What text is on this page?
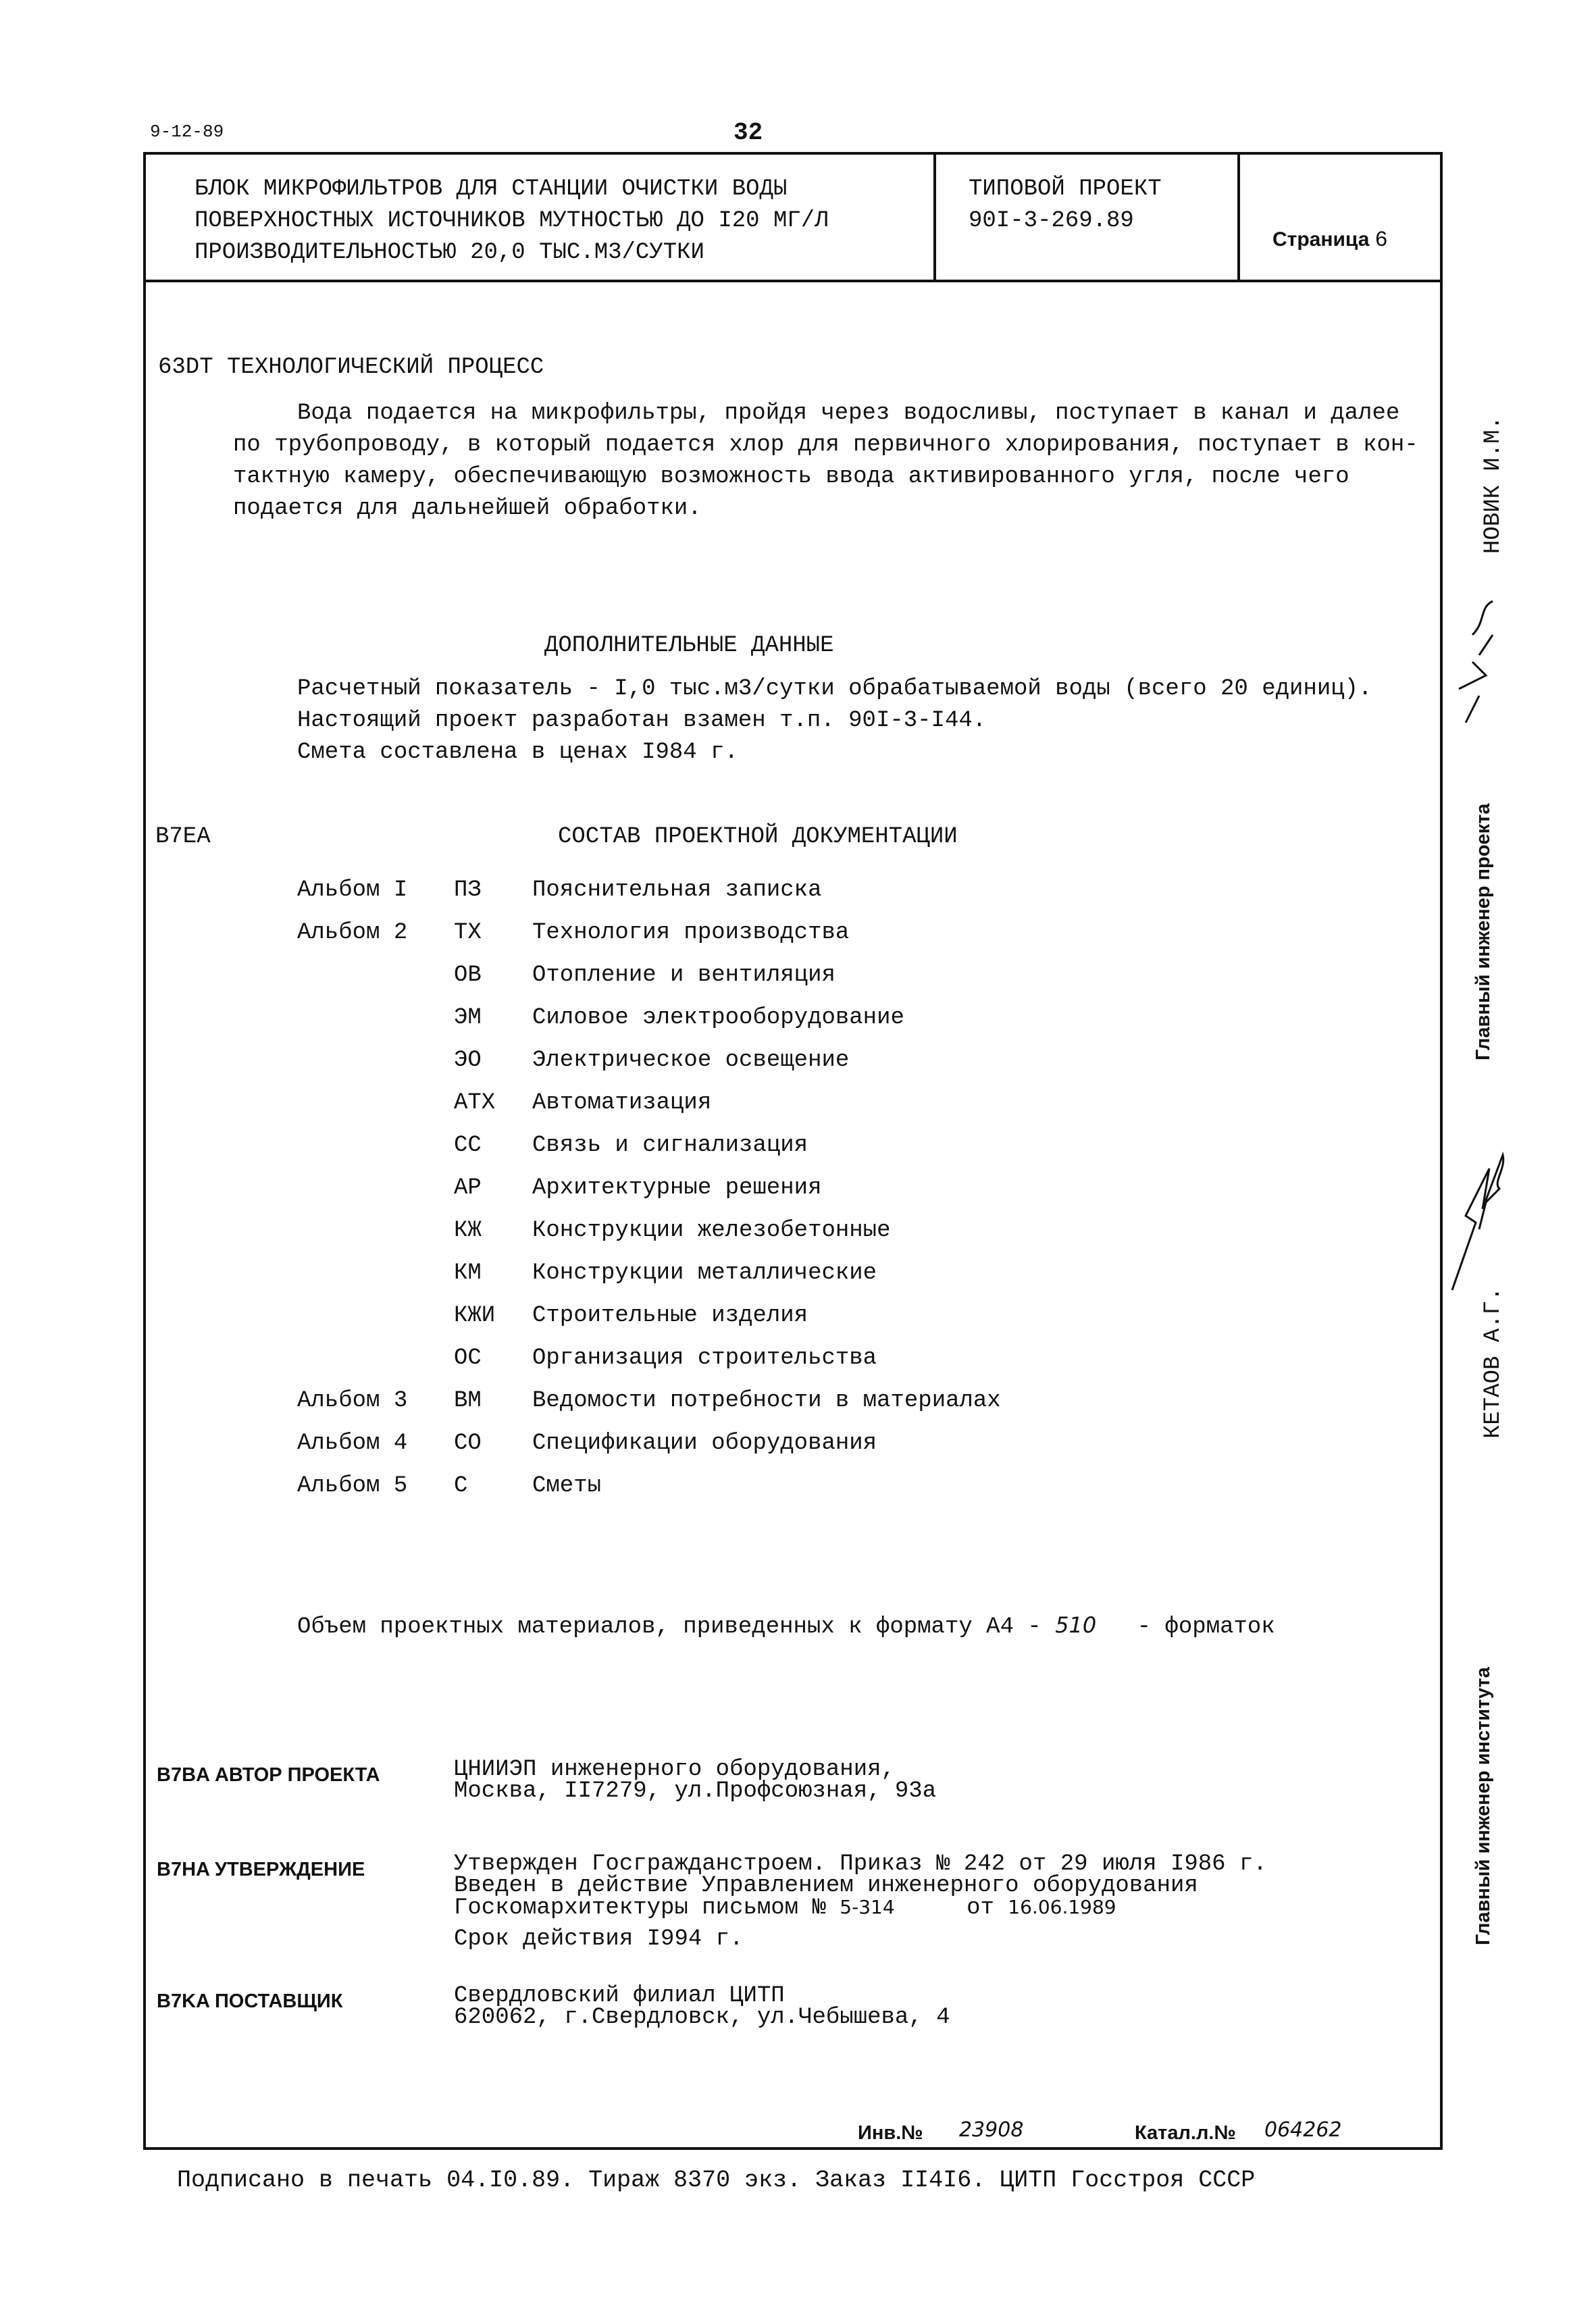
9-12-89	32
БЛОК МИКРОФИЛЬТРОВ ДЛЯ СТАНЦИИ ОЧИСТКИ ВОДЫ
ПОВЕРХНОСТНЫХ ИСТОЧНИКОВ МУТНОСТЬЮ ДО I20 МГ/Л
ПРОИЗВОДИТЕЛЬНОСТЬЮ 20,0 ТЫС.М3/СУТКИ
ТИПОВОЙ ПРОЕКТ
90I-3-269.89
Страница 6
63DT ТЕХНОЛОГИЧЕСКИЙ ПРОЦЕСС
Вода подается на микрофильтры, пройдя через водосливы, поступает в канал и далее
по трубопроводу, в который подается хлор для первичного хлорирования, поступает в кон-
тактную камеру, обеспечивающую возможность ввода активированного угля, после чего
подается для дальнейшей обработки.
ДОПОЛНИТЕЛЬНЫЕ ДАННЫЕ
Расчетный показатель - I,0 тыс.м3/сутки обрабатываемой воды (всего 20 единиц).
Настоящий проект разработан взамен т.п. 90I-3-I44.
Смета составлена в ценах I984 г.
B7EA	СОСТАВ ПРОЕКТНОЙ ДОКУМЕНТАЦИИ
Альбом I ПЗ Пояснительная записка
Альбом 2 ТХ Технология производства
ОВ Отопление и вентиляция
ЭМ Силовое электрооборудование
ЭО Электрическое освещение
АТХ Автоматизация
СС Связь и сигнализация
АР Архитектурные решения
КЖ Конструкции железобетонные
КМ Конструкции металлические
КЖИ Строительные изделия
ОС Организация строительства
Альбом 3 ВМ Ведомости потребности в материалах
Альбом 4 СО Спецификации оборудования
Альбом 5 С	Сметы
Объем проектных материалов, приведенных к формату А4 - 510 - форматок
B7BA АВТОР ПРОЕКТА	ЦНИИЭП инженерного оборудования,
Москва, II7279, ул.Профсоюзная, 93а
B7HA УТВЕРЖДЕНИЕ	Утвержден Госгражданстроем. Приказ № 242 от 29 июля I986 г.
Введен в действие Управлением инженерного оборудования
Госкомархитектуры письмом № 5-314	от 16.06.1989
Срок действия I994 г.
B7KA ПОСТАВЩИК	Свердловский филиал ЦИТП
620062, г.Свердловск, ул.Чебышева, 4
Инв.№ 23908	Катал.л.№ 064262
НОВИК И.М.
Главный инженер проекта
КЕТАОВ А.Г.
Главный инженер института
Подписано в печать 04.I0.89. Тираж 8370 экз. Заказ II4I6. ЦИТП Госстроя СССР
